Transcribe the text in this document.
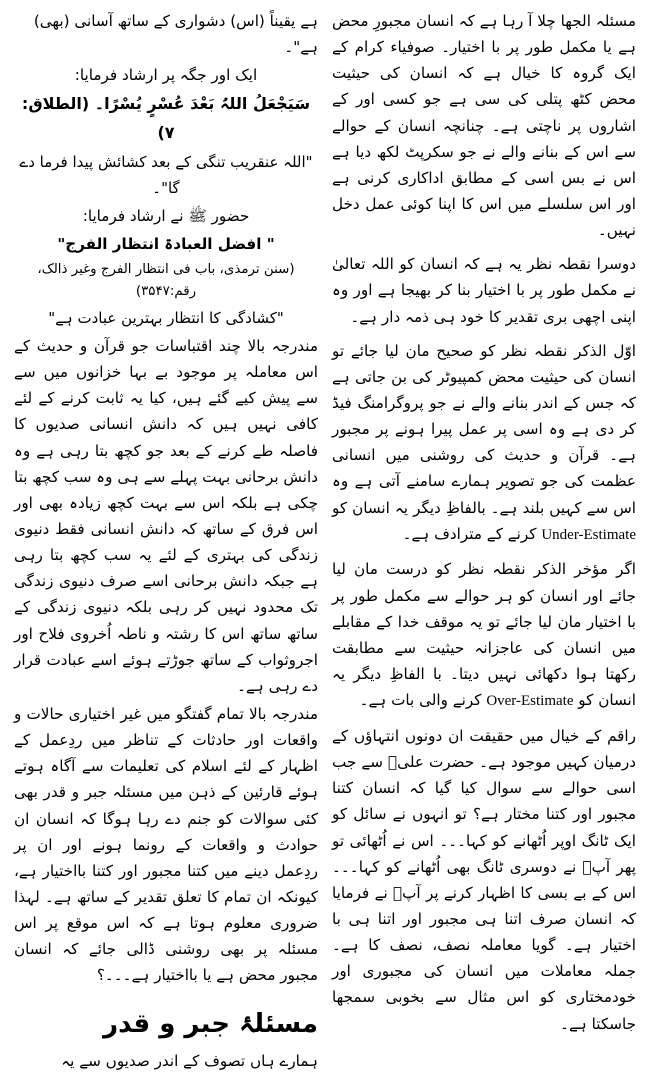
ہے یقیناً (اس) دشواری کے ساتھ آسانی (بھی) ہے"۔

ایک اور جگہ پر ارشاد فرمایا:

سَیَجْعَلُ اللہُ بَعْدَ عُسْرٍ یُسْرًا۔ (الطلاق: ۷)

"اللہ عنقریب تنگی کے بعد کشائش پیدا فرما دے گا"۔

حضور ﷺ نے ارشاد فرمایا:

" افضل العبادۃ انتظار الفرج"

(سنن ترمذی، باب فی انتظار الفرج وغیر ذالک، رقم:۳۵۴۷)

"کشادگی کا انتظار بہترین عبادت ہے"

مندرجہ بالا چند اقتباسات جو قرآن و حدیث کے اس معاملہ پر موجود بے بہا خزانوں میں سے سے پیش کیے گئے ہیں، کیا یہ ثابت کرنے کے لئے کافی نہیں ہیں کہ دانش انسانی صدیوں کا فاصلہ طے کرنے کے بعد جو کچھ بتا رہی ہے وہ دانش برحانی بہت پہلے سے ہی وہ سب کچھ بتا چکی ہے بلکہ اس سے بہت کچھ زیادہ بھی اور اس فرق کے ساتھ کہ دانش انسانی فقط دنیوی زندگی کی بہتری کے لئے یہ سب کچھ بتا رہی ہے جبکہ دانش برحانی اسے صرف دنیوی زندگی تک محدود نہیں کر رہی بلکہ دنیوی زندگی کے ساتھ ساتھ اس کا رشتہ و ناطہ اُخروی فلاح اور اجروثواب کے ساتھ جوڑتے ہوئے اسے عبادت قرار دے رہی ہے۔

مندرجہ بالا تمام گفتگو میں غیر اختیاری حالات و واقعات اور حادثات کے تناظر میں ردِعمل کے اظہار کے لئے اسلام کی تعلیمات سے آگاہ ہوتے ہوئے قارئین کے ذہن میں مسئلہ جبر و قدر بھی کئی سوالات کو جنم دے رہا ہوگا کہ انسان ان حوادث و واقعات کے رونما ہونے اور ان پر ردِعمل دینے میں کتنا مجبور اور کتنا بااختیار ہے، کیونکہ ان تمام کا تعلق تقدیر کے ساتھ ہے۔ لہذا ضروری معلوم ہوتا ہے کہ اس موقع پر اس مسئلہ پر بھی روشنی ڈالی جائے کہ انسان مجبور محض ہے یا بااختیار ہے۔۔۔؟

مسئلۂ جبر و قدر

ہمارے ہاں تصوف کے اندر صدیوں سے یہ

مسئلہ الجھا چلا آ رہا ہے کہ انسان مجبورِ محض ہے یا مکمل طور پر با اختیار۔ صوفیاء کرام کے ایک گروہ کا خیال ہے کہ انسان کی حیثیت محض کٹھ پتلی کی سی ہے جو کسی اور کے اشاروں پر ناچتی ہے۔ چنانچہ انسان کے حوالے سے اس کے بنانے والے نے جو سکرپٹ لکھ دیا ہے اس نے بس اسی کے مطابق اداکاری کرنی ہے اور اس سلسلے میں اس کا اپنا کوئی عمل دخل نہیں۔

دوسرا نقطہ نظر یہ ہے کہ انسان کو اللہ تعالیٰ نے مکمل طور پر با اختیار بنا کر بھیجا ہے اور وہ اپنی اچھی بری تقدیر کا خود ہی ذمہ دار ہے۔

اوّل الذکر نقطہ نظر کو صحیح مان لیا جائے تو انسان کی حیثیت محض کمپیوٹر کی بن جاتی ہے کہ جس کے اندر بنانے والے نے جو پروگرامنگ فیڈ کر دی ہے وہ اسی پر عمل پیرا ہونے پر مجبور ہے۔ قرآن و حدیث کی روشنی میں انسانی عظمت کی جو تصویر ہمارے سامنے آتی ہے وہ اس سے کہیں بلند ہے۔ بالفاظِ دیگر یہ انسان کو Under-Estimate کرنے کے مترادف ہے۔

اگر مؤخر الذکر نقطہ نظر کو درست مان لیا جائے اور انسان کو ہر حوالے سے مکمل طور پر با اختیار مان لیا جائے تو یہ موقف خدا کے مقابلے میں انسان کی عاجزانہ حیثیت سے مطابقت رکھتا ہوا دکھائی نہیں دیتا۔ با الفاظِ دیگر یہ انسان کو Over-Estimate کرنے والی بات ہے۔

راقم کے خیال میں حقیقت ان دونوں انتہاؤں کے درمیان کہیں موجود ہے۔ حضرت علیؓ سے جب اسی حوالے سے سوال کیا گیا کہ انسان کتنا مجبور اور کتنا مختار ہے؟ تو انہوں نے سائل کو ایک ٹانگ اوپر اُٹھانے کو کہا۔۔۔ اس نے اُٹھائی تو پھر آپؓ نے دوسری ٹانگ بھی اُٹھانے کو کہا۔۔۔ اس کے بے بسی کا اظہار کرنے پر آپؓ نے فرمایا کہ انسان صرف اتنا ہی مجبور اور اتنا ہی با اختیار ہے۔ گویا معاملہ نصف، نصف کا ہے۔ جملہ معاملات میں انسان کی مجبوری اور خودمختاری کو اس مثال سے بخوبی سمجھا جاسکتا ہے۔
